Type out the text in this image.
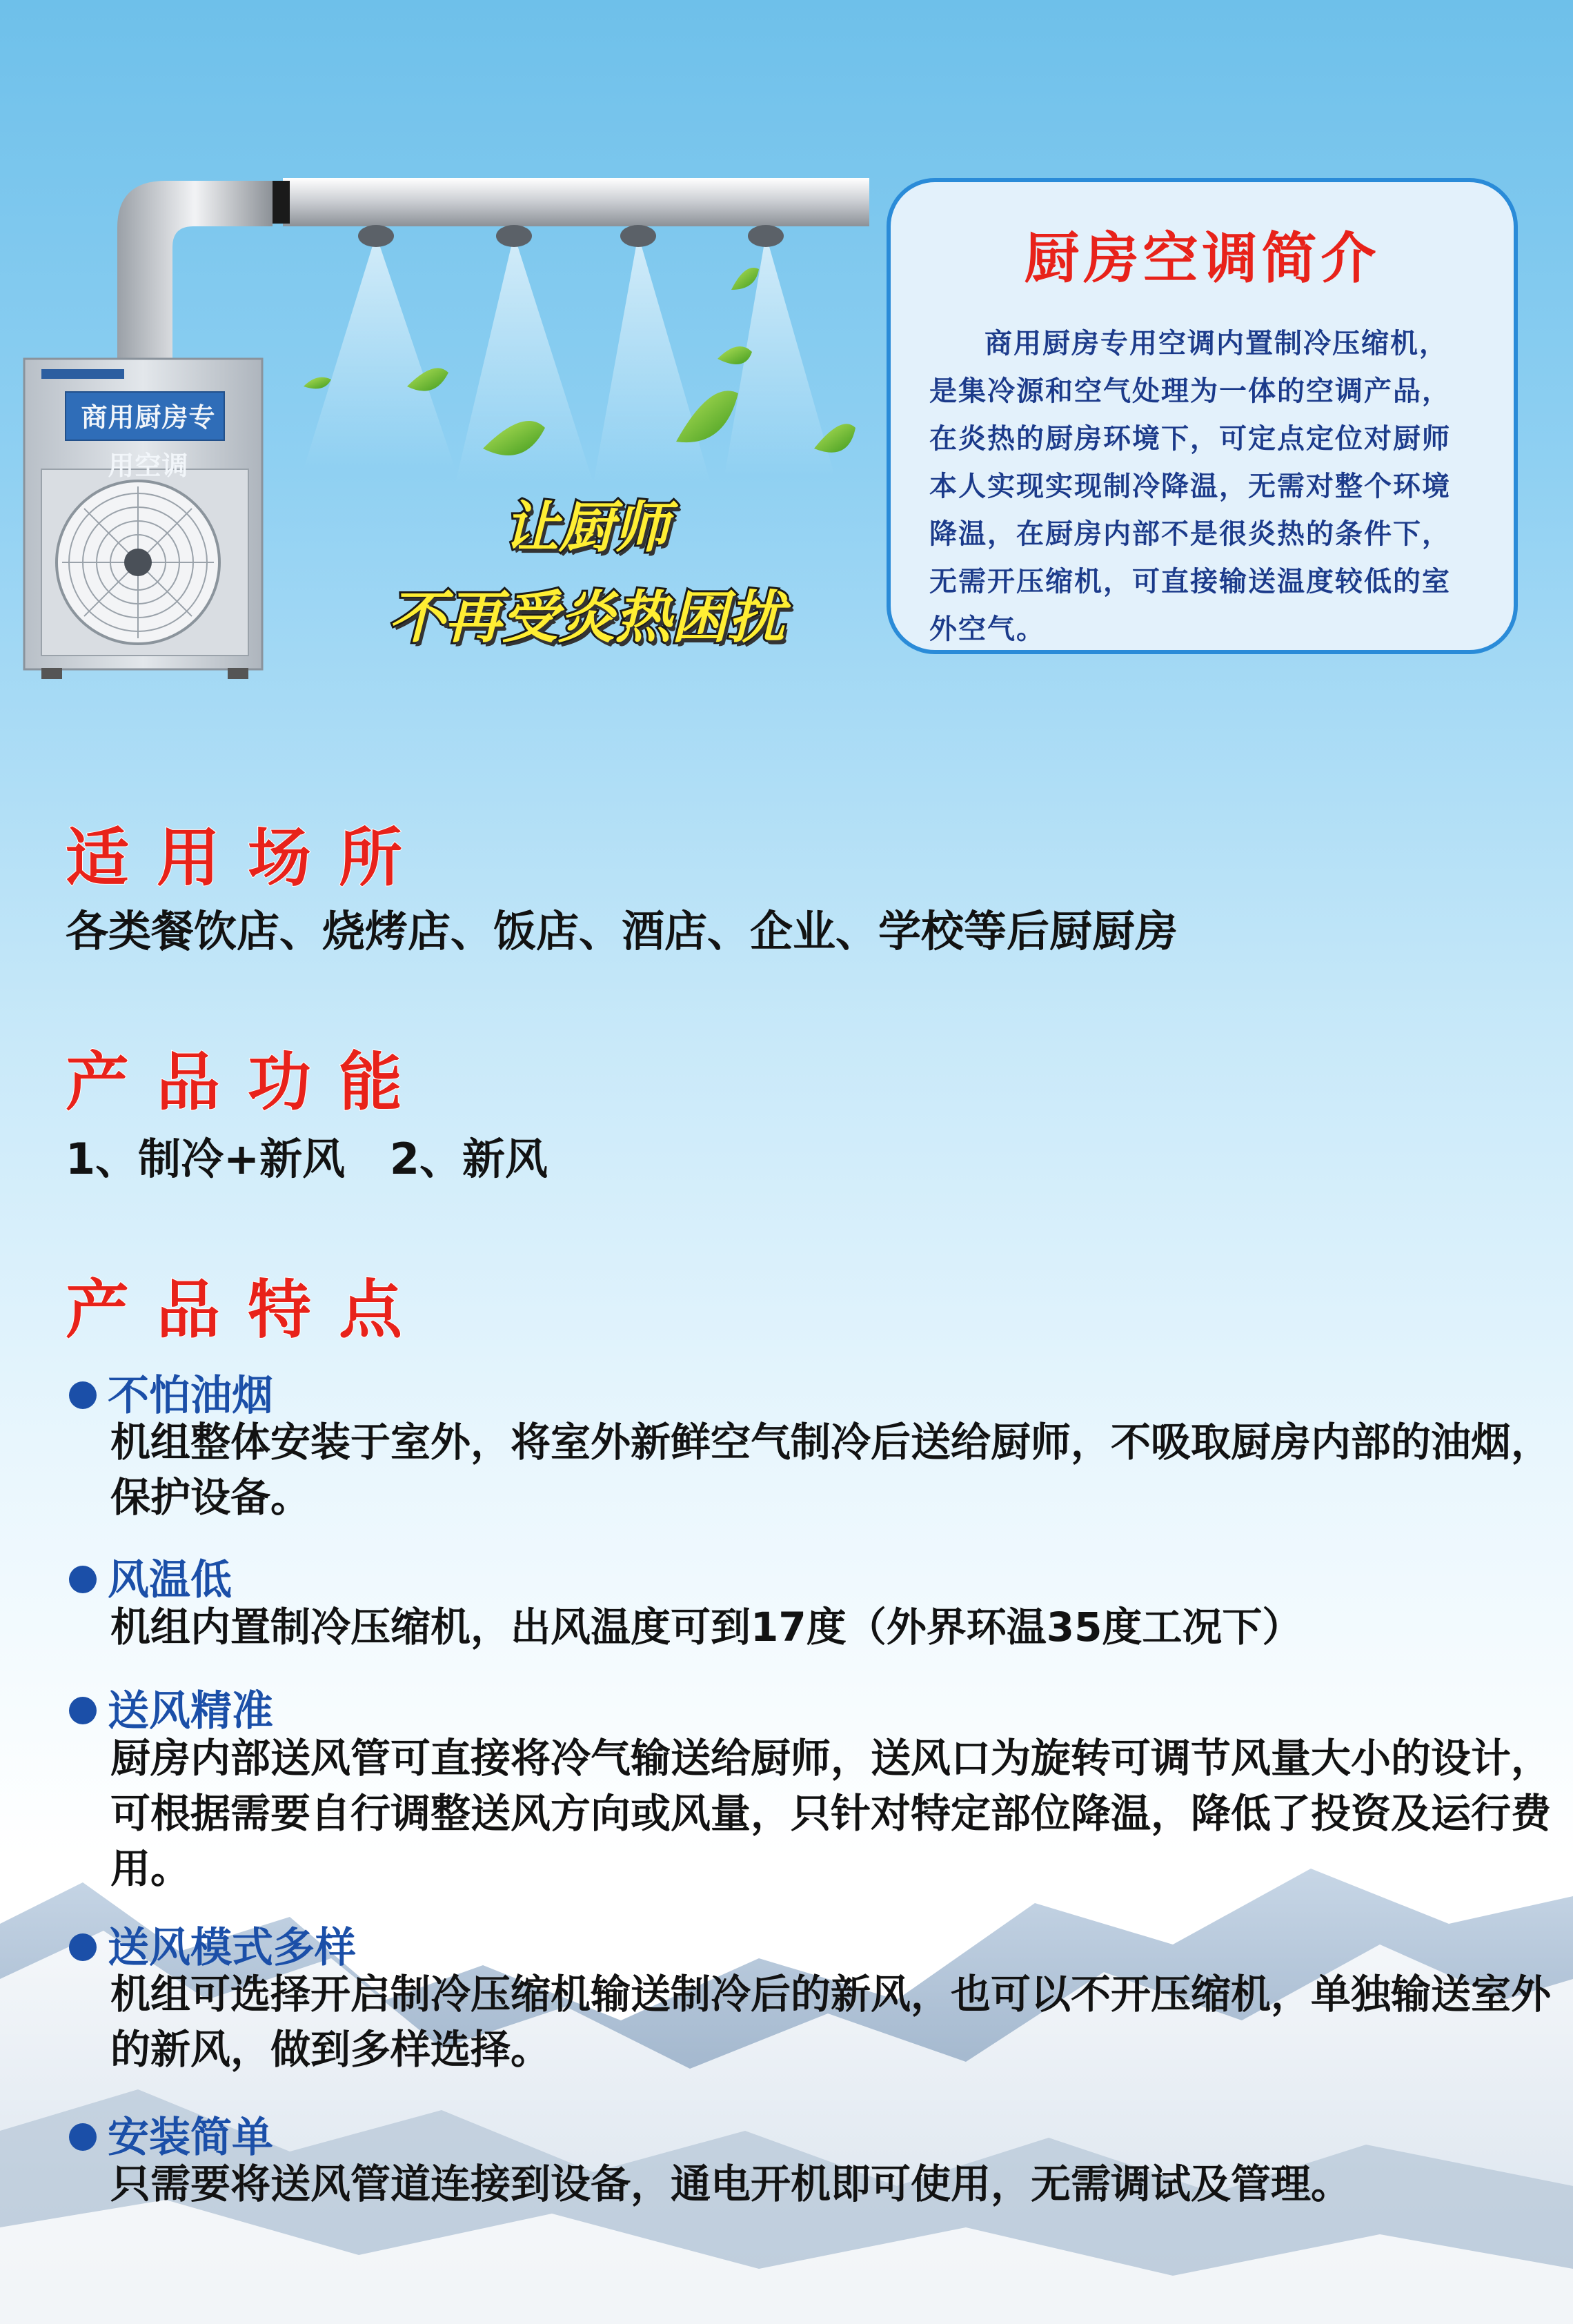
商用厨房专用空调
让厨师
不再受炎热困扰
厨房空调简介
商用厨房专用空调内置制冷压缩机，是集冷源和空气处理为一体的空调产品，在炎热的厨房环境下，可定点定位对厨师本人实现实现制冷降温，无需对整个环境降温，在厨房内部不是很炎热的条件下，无需开压缩机，可直接输送温度较低的室外空气。
适用场所
各类餐饮店、烧烤店、饭店、酒店、企业、学校等后厨厨房
产品功能
1、制冷+新风   2、新风
产品特点
不怕油烟
机组整体安装于室外，将室外新鲜空气制冷后送给厨师，不吸取厨房内部的油烟，保护设备。
风温低
机组内置制冷压缩机，出风温度可到17度（外界环温35度工况下）
送风精准
厨房内部送风管可直接将冷气输送给厨师，送风口为旋转可调节风量大小的设计，可根据需要自行调整送风方向或风量，只针对特定部位降温，降低了投资及运行费用。
送风模式多样
机组可选择开启制冷压缩机输送制冷后的新风，也可以不开压缩机，单独输送室外的新风，做到多样选择。
安装简单
只需要将送风管道连接到设备，通电开机即可使用，无需调试及管理。
